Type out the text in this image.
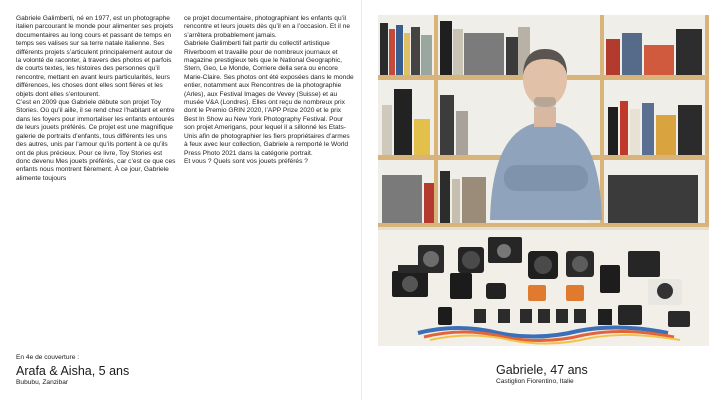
Gabriele Galimberti, né en 1977, est un photographe italien parcourant le monde pour alimenter ses projets documentaires au long cours et passant de temps en temps ses valises sur sa terre natale italienne. Ses différents projets s’articulent principalement autour de la volonté de raconter, à travers des photos et parfois de courts textes, les histoires des personnes qu’il rencontre, mettant en avant leurs particularités, leurs différences, les choses dont elles sont fières et les objets dont elles s’entourent.
C’est en 2009 que Gabriele débute son projet Toy Stories. Où qu’il aille, il se rend chez l’habitant et entre dans les foyers pour immortaliser les enfants entourés de leurs jouets préférés. Ce projet est une magnifique galerie de portraits d’enfants, tous différents les uns des autres, unis par l’amour qu’ils portent à ce qu’ils ont de plus précieux. Pour ce livre, Toy Stories est donc devenu Mes jouets préférés, car c’est ce que ces enfants nous montrent fièrement. À ce jour, Gabriele alimente toujours

ce projet documentaire, photographiant les enfants qu’il rencontre et leurs jouets dès qu’il en a l’occasion. Et il ne s’arrêtera probablement jamais.
Gabriele Galimberti fait partir du collectif artistique Riverboom et travaille pour de nombreux journaux et magazine prestigieux tels que le National Geographic, Stern, Geo, Le Monde, Corriere della sera ou encore Marie-Claire. Ses photos ont été exposées dans le monde entier, notamment aux Rencontres de la photographie (Arles), aux Festival Images de Vevey (Suisse) et au musée V&A (Londres). Elles ont reçu de nombreux prix dont le Premio GRIN 2020, l’APP Prize 2020 et le prix Best In Show au New York Photography Festival. Pour son projet Amerigans, pour lequel il a sillonné les Etats-Unis afin de photographier les fiers propriétaires d’armes à feux avec leur collection, Gabriele a remporté le World Press Photo 2021 dans la catégorie portrait.
Et vous ? Quels sont vos jouets préférés ?

En 4e de couverture :
Arafa & Aisha, 5 ans
Bububu, Zanzibar
Gabriele, 47 ans
Castiglion Fiorentino, Italie
